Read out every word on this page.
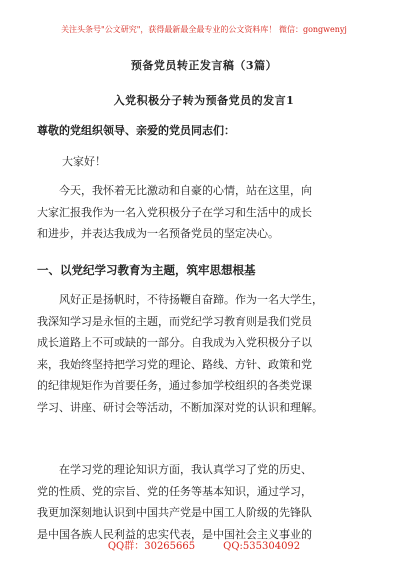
关注头条号"公文研究"，获得最新最全最专业的公文资料库！ 微信：gongwenyj
预备党员转正发言稿（3篇）
入党积极分子转为预备党员的发言1
尊敬的党组织领导、亲爱的党员同志们：
大家好！
今天，我怀着无比激动和自豪的心情，站在这里，向
大家汇报我作为一名入党积极分子在学习和生活中的成长
和进步，并表达我成为一名预备党员的坚定决心。
一、以党纪学习教育为主题，筑牢思想根基
风好正是扬帆时，不待扬鞭自奋蹄。作为一名大学生，
我深知学习是永恒的主题，而党纪学习教育则是我们党员
成长道路上不可或缺的一部分。自我成为入党积极分子以
来，我始终坚持把学习党的理论、路线、方针、政策和党
的纪律规矩作为首要任务，通过参加学校组织的各类党课
学习、讲座、研讨会等活动，不断加深对党的认识和理解。
在学习党的理论知识方面，我认真学习了党的历史、
党的性质、党的宗旨、党的任务等基本知识，通过学习，
我更加深刻地认识到中国共产党是中国工人阶级的先锋队
是中国各族人民利益的忠实代表，是中国社会主义事业的
QQ群：30265665	QQ:535304092
